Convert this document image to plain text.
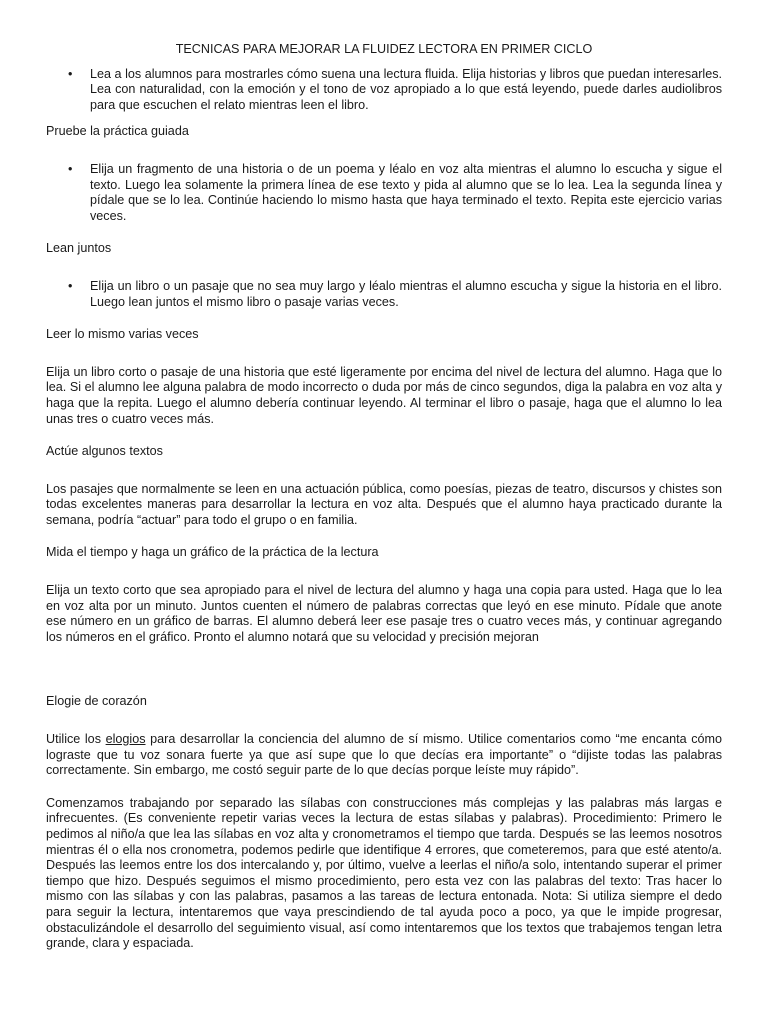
TECNICAS PARA MEJORAR LA FLUIDEZ LECTORA EN PRIMER CICLO

• Lea a los alumnos para mostrarles cómo suena una lectura fluida. Elija historias y libros que puedan interesarles. Lea con naturalidad, con la emoción y el tono de voz apropiado a lo que está leyendo, puede darles audiolibros para que escuchen el relato mientras leen el libro.

Pruebe la práctica guiada

• Elija un fragmento de una historia o de un poema y léalo en voz alta mientras el alumno lo escucha y sigue el texto. Luego lea solamente la primera línea de ese texto y pida al alumno que se lo lea. Lea la segunda línea y pídale que se lo lea. Continúe haciendo lo mismo hasta que haya terminado el texto. Repita este ejercicio varias veces.

Lean juntos

• Elija un libro o un pasaje que no sea muy largo y léalo mientras el alumno escucha y sigue la historia en el libro. Luego lean juntos el mismo libro o pasaje varias veces.

Leer lo mismo varias veces

Elija un libro corto o pasaje de una historia que esté ligeramente por encima del nivel de lectura del alumno. Haga que lo lea. Si el alumno lee alguna palabra de modo incorrecto o duda por más de cinco segundos, diga la palabra en voz alta y haga que la repita. Luego el alumno debería continuar leyendo. Al terminar el libro o pasaje, haga que el alumno lo lea unas tres o cuatro veces más.

Actúe algunos textos

Los pasajes que normalmente se leen en una actuación pública, como poesías, piezas de teatro, discursos y chistes son todas excelentes maneras para desarrollar la lectura en voz alta. Después que el alumno haya practicado durante la semana, podría “actuar” para todo el grupo o en familia.

Mida el tiempo y haga un gráfico de la práctica de la lectura

Elija un texto corto que sea apropiado para el nivel de lectura del alumno y haga una copia para usted. Haga que lo lea en voz alta por un minuto. Juntos cuenten el número de palabras correctas que leyó en ese minuto. Pídale que anote ese número en un gráfico de barras. El alumno deberá leer ese pasaje tres o cuatro veces más, y continuar agregando los números en el gráfico. Pronto el alumno notará que su velocidad y precisión mejoran

Elogie de corazón

Utilice los elogios para desarrollar la conciencia del alumno de sí mismo. Utilice comentarios como “me encanta cómo lograste que tu voz sonara fuerte ya que así supe que lo que decías era importante” o “dijiste todas las palabras correctamente. Sin embargo, me costó seguir parte de lo que decías porque leíste muy rápido”.

Comenzamos trabajando por separado las sílabas con construcciones más complejas y las palabras más largas e infrecuentes. (Es conveniente repetir varias veces la lectura de estas sílabas y palabras). Procedimiento: Primero le pedimos al niño/a que lea las sílabas en voz alta y cronometramos el tiempo que tarda. Después se las leemos nosotros mientras él o ella nos cronometra, podemos pedirle que identifique 4 errores, que cometeremos, para que esté atento/a. Después las leemos entre los dos intercalando y, por último, vuelve a leerlas el niño/a solo, intentando superar el primer tiempo que hizo. Después seguimos el mismo procedimiento, pero esta vez con las palabras del texto: Tras hacer lo mismo con las sílabas y con las palabras, pasamos a las tareas de lectura entonada. Nota: Si utiliza siempre el dedo para seguir la lectura, intentaremos que vaya prescindiendo de tal ayuda poco a poco, ya que le impide progresar, obstaculizándole el desarrollo del seguimiento visual, así como intentaremos que los textos que trabajemos tengan letra grande, clara y espaciada.
